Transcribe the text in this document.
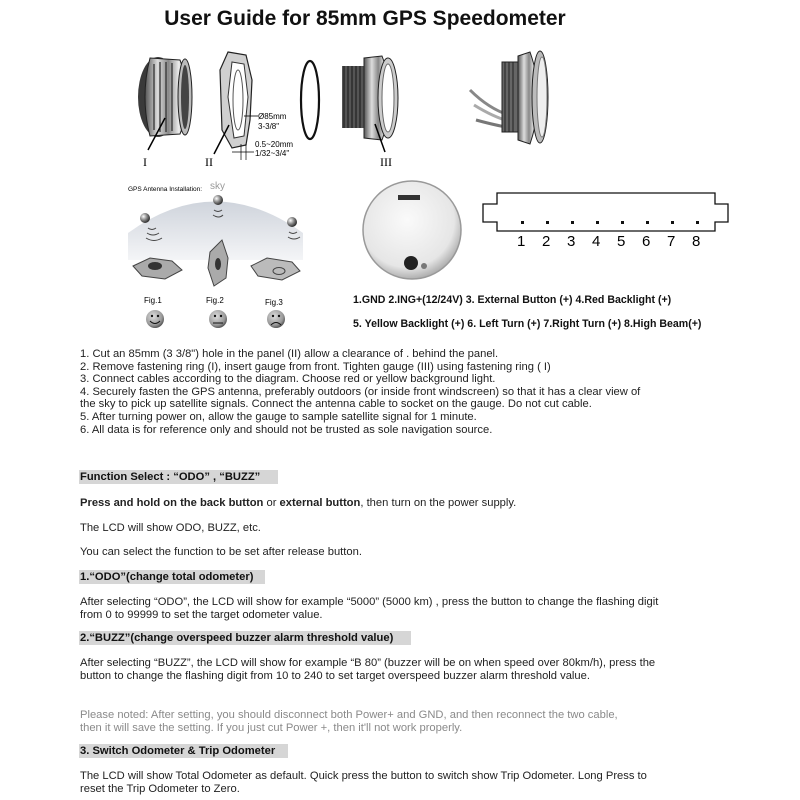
User Guide for 85mm GPS Speedometer
I	II
Ø85mm
3-3/8"
0.5~20mm
1/32~3/4"
III
GPS Antenna Installation: sky
Fig.1	Fig.2	Fig.3
1 2 3 4 5 6 7 8
1.GND 2.ING+(12/24V) 3. External Button (+) 4.Red Backlight (+)
5. Yellow Backlight (+) 6. Left Turn (+) 7.Right Turn (+) 8.High Beam(+)

1. Cut an 85mm (3 3/8") hole in the panel (II) allow a clearance of . behind the panel.

2. Remove fastening ring (I), insert gauge from front. Tighten gauge (III) using fastening ring ( I)

3. Connect cables according to the diagram. Choose red or yellow background light.

4. Securely fasten the GPS antenna, preferably outdoors (or inside front windscreen) so that it has a clear view of the sky to pick up satellite signals. Connect the antenna cable to socket on the gauge. Do not cut cable.

5. After turning power on, allow the gauge to sample satellite signal for 1 minute.

6. All data is for reference only and should not be trusted as sole navigation source.

Function Select : “ODO” , “BUZZ”

Press and hold on the back button or external button, then turn on the power supply.

The LCD will show ODO, BUZZ, etc.

You can select the function to be set after release button.

1.“ODO”(change total odometer)

After selecting “ODO”, the LCD will show for example “5000” (5000 km) , press the button to change the flashing digit from 0 to 99999 to set the target odometer value.

2.“BUZZ”(change overspeed buzzer alarm threshold value)

After selecting “BUZZ”, the LCD will show for example “B 80” (buzzer will be on when speed over 80km/h), press the button to change the flashing digit from 10 to 240 to set target overspeed buzzer alarm threshold value.

Please noted: After setting, you should disconnect both Power+ and GND, and then reconnect the two cable, then it will save the setting. If you just cut Power +, then it'll not work properly.

3. Switch Odometer & Trip Odometer

The LCD will show Total Odometer as default. Quick press the button to switch show Trip Odometer. Long Press to reset the Trip Odometer to Zero.
